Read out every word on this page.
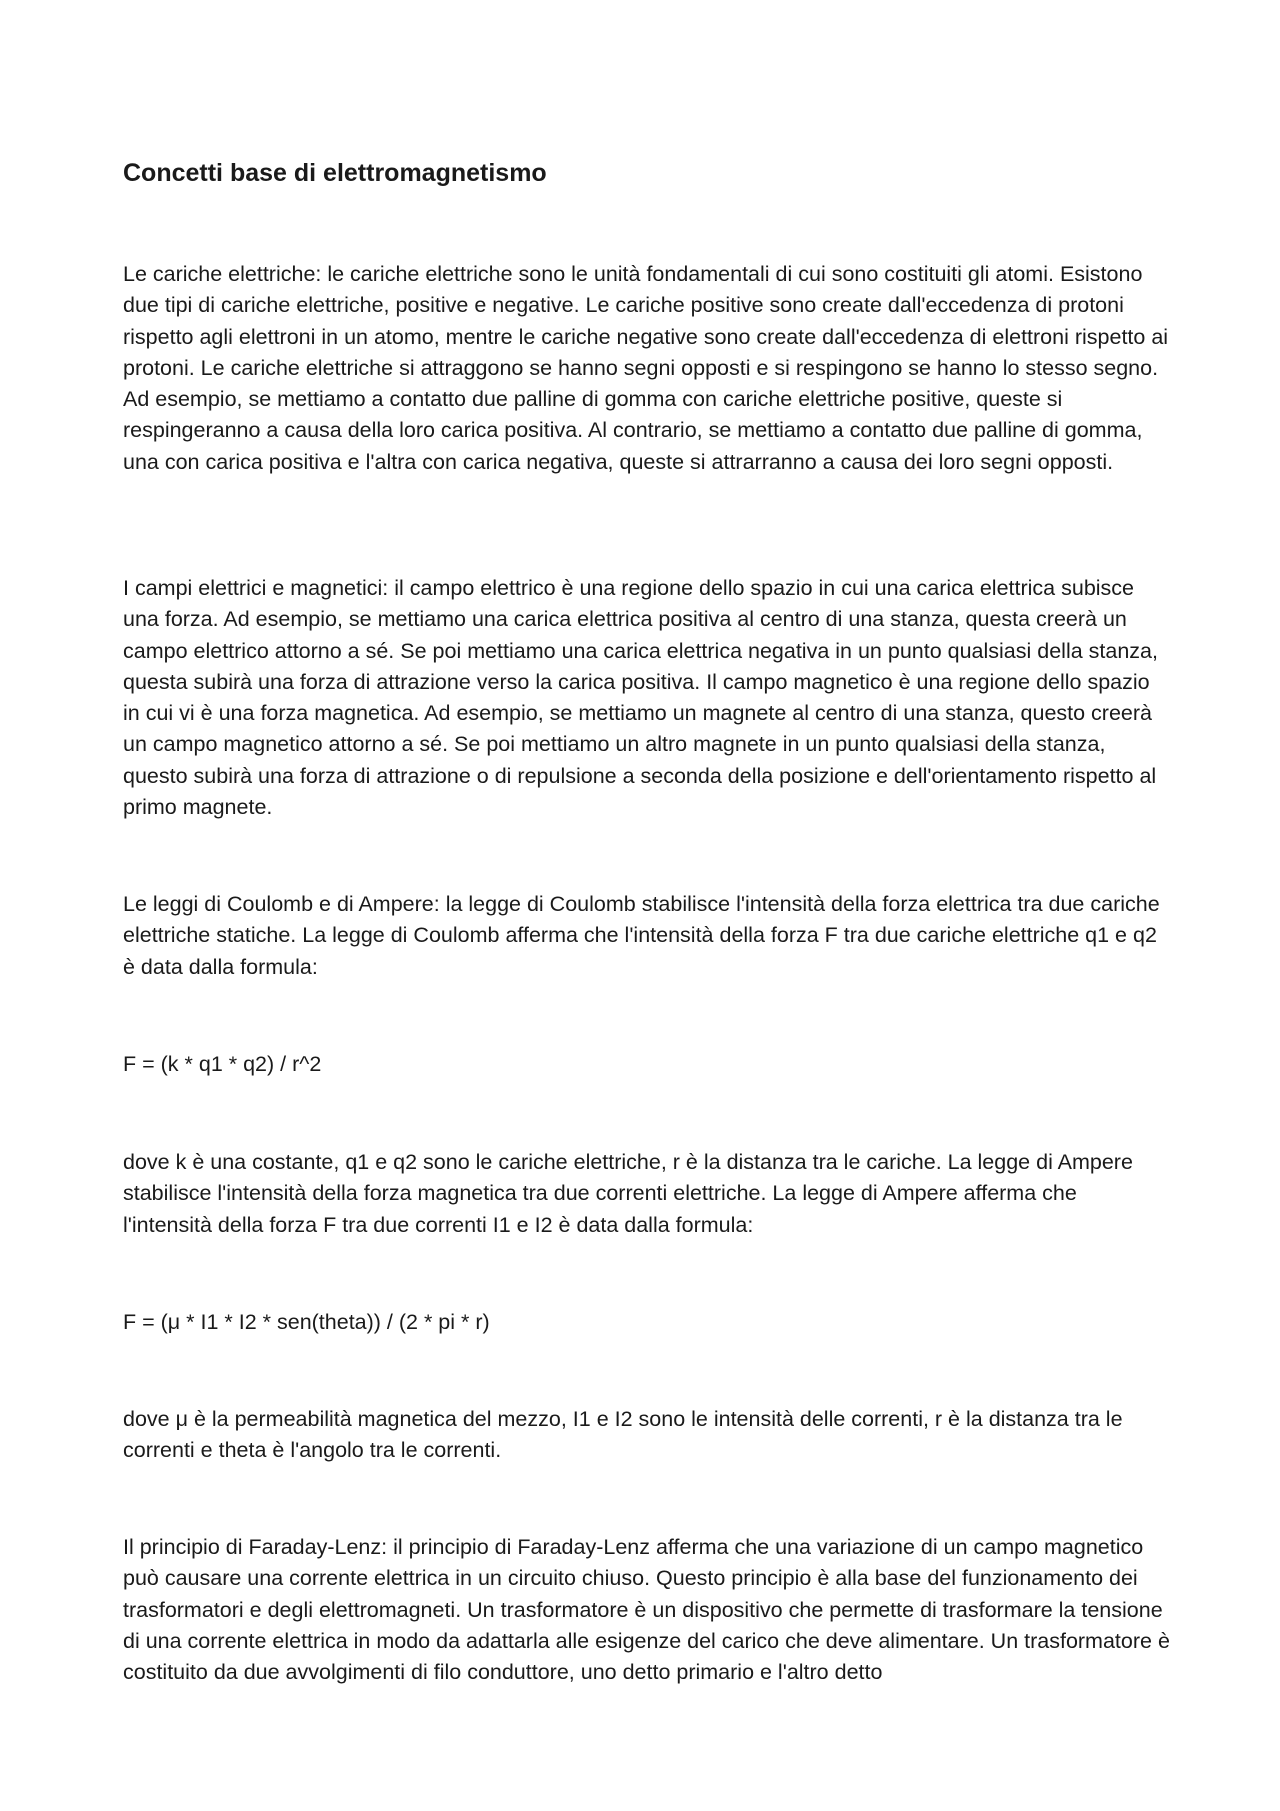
Concetti base di elettromagnetismo

Le cariche elettriche: le cariche elettriche sono le unità fondamentali di cui sono costituiti gli atomi. Esistono due tipi di cariche elettriche, positive e negative. Le cariche positive sono create dall'eccedenza di protoni rispetto agli elettroni in un atomo, mentre le cariche negative sono create dall'eccedenza di elettroni rispetto ai protoni. Le cariche elettriche si attraggono se hanno segni opposti e si respingono se hanno lo stesso segno. Ad esempio, se mettiamo a contatto due palline di gomma con cariche elettriche positive, queste si respingeranno a causa della loro carica positiva. Al contrario, se mettiamo a contatto due palline di gomma, una con carica positiva e l'altra con carica negativa, queste si attrarranno a causa dei loro segni opposti.

I campi elettrici e magnetici: il campo elettrico è una regione dello spazio in cui una carica elettrica subisce una forza. Ad esempio, se mettiamo una carica elettrica positiva al centro di una stanza, questa creerà un campo elettrico attorno a sé. Se poi mettiamo una carica elettrica negativa in un punto qualsiasi della stanza, questa subirà una forza di attrazione verso la carica positiva. Il campo magnetico è una regione dello spazio in cui vi è una forza magnetica. Ad esempio, se mettiamo un magnete al centro di una stanza, questo creerà un campo magnetico attorno a sé. Se poi mettiamo un altro magnete in un punto qualsiasi della stanza, questo subirà una forza di attrazione o di repulsione a seconda della posizione e dell'orientamento rispetto al primo magnete.

Le leggi di Coulomb e di Ampere: la legge di Coulomb stabilisce l'intensità della forza elettrica tra due cariche elettriche statiche. La legge di Coulomb afferma che l'intensità della forza F tra due cariche elettriche q1 e q2 è data dalla formula:

F = (k * q1 * q2) / r^2

dove k è una costante, q1 e q2 sono le cariche elettriche, r è la distanza tra le cariche. La legge di Ampere stabilisce l'intensità della forza magnetica tra due correnti elettriche. La legge di Ampere afferma che l'intensità della forza F tra due correnti I1 e I2 è data dalla formula:

F = (μ * I1 * I2 * sen(theta)) / (2 * pi * r)

dove μ è la permeabilità magnetica del mezzo, I1 e I2 sono le intensità delle correnti, r è la distanza tra le correnti e theta è l'angolo tra le correnti.

Il principio di Faraday-Lenz: il principio di Faraday-Lenz afferma che una variazione di un campo magnetico può causare una corrente elettrica in un circuito chiuso. Questo principio è alla base del funzionamento dei trasformatori e degli elettromagneti. Un trasformatore è un dispositivo che permette di trasformare la tensione di una corrente elettrica in modo da adattarla alle esigenze del carico che deve alimentare. Un trasformatore è costituito da due avvolgimenti di filo conduttore, uno detto primario e l'altro detto
